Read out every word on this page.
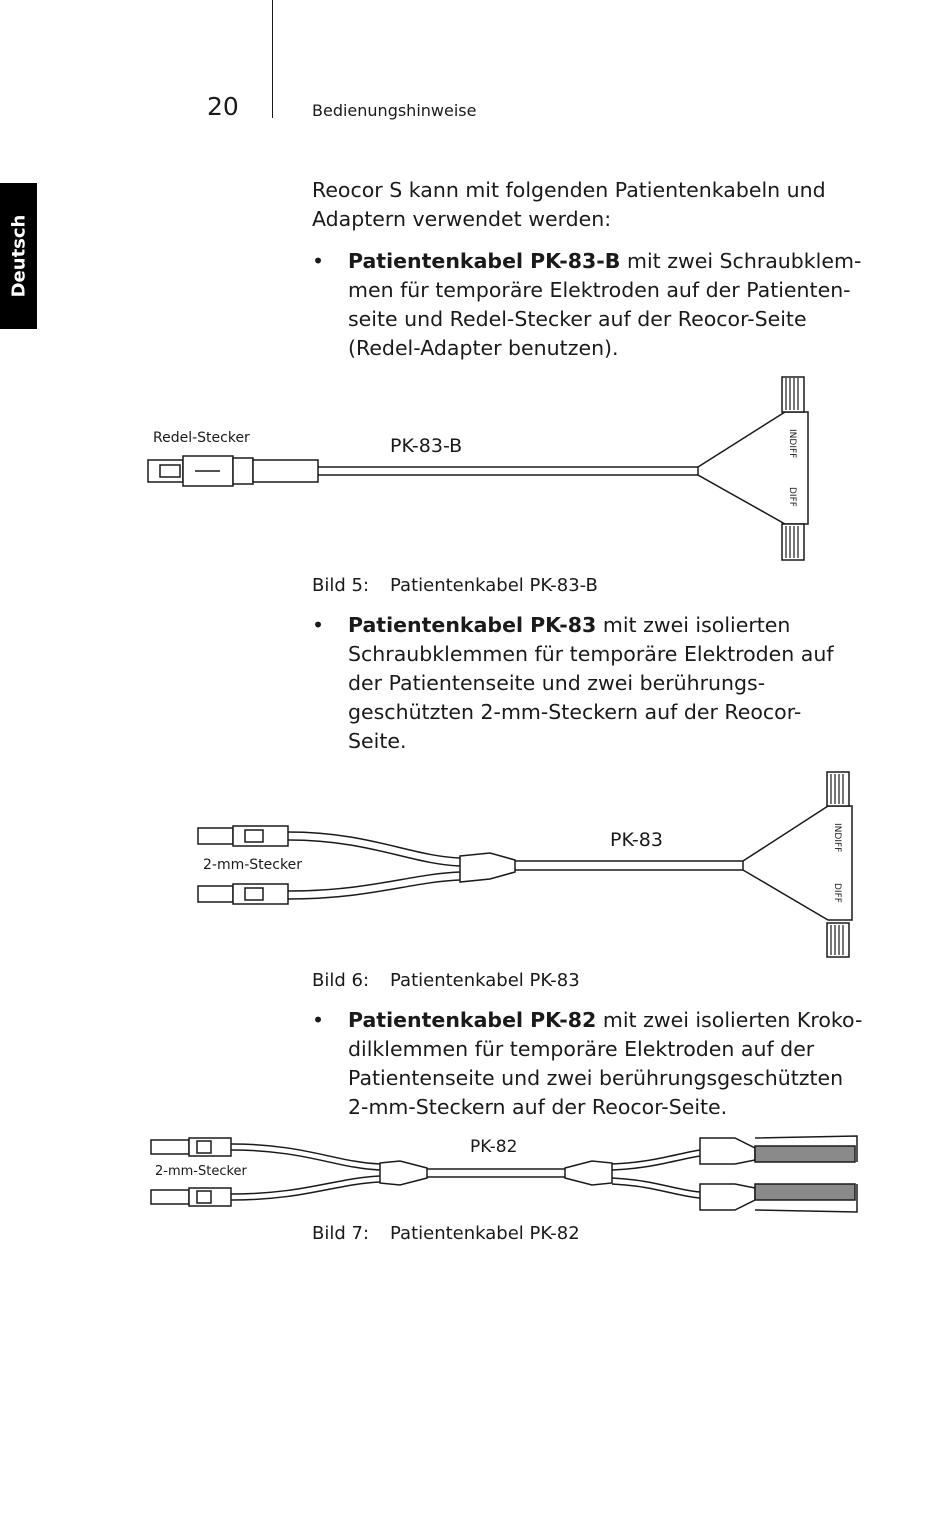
20	Bedienungshinweise
Deutsch
Reocor S kann mit folgenden Patientenkabeln und Adaptern verwendet werden:
• Patientenkabel PK-83-B mit zwei Schraubklem-
men für temporäre Elektroden auf der Patienten-
seite und Redel-Stecker auf der Reocor-Seite
(Redel-Adapter benutzen).
Redel-Stecker	PK-83-B	INDIFF
DIFF
Bild 5: Patientenkabel PK-83-B
• Patientenkabel PK-83 mit zwei isolierten
Schraubklemmen für temporäre Elektroden auf
der Patientenseite und zwei berührungs-
geschützten 2-mm-Steckern auf der Reocor-
Seite.
2-mm-Stecker
PK-83	INDIFF
DIFF
Bild 6: Patientenkabel PK-83
• Patientenkabel PK-82 mit zwei isolierten Kroko-
dilklemmen für temporäre Elektroden auf der
Patientenseite und zwei berührungsgeschützten
2-mm-Steckern auf der Reocor-Seite.
2-mm-Stecker
PK-82
Bild 7: Patientenkabel PK-82
